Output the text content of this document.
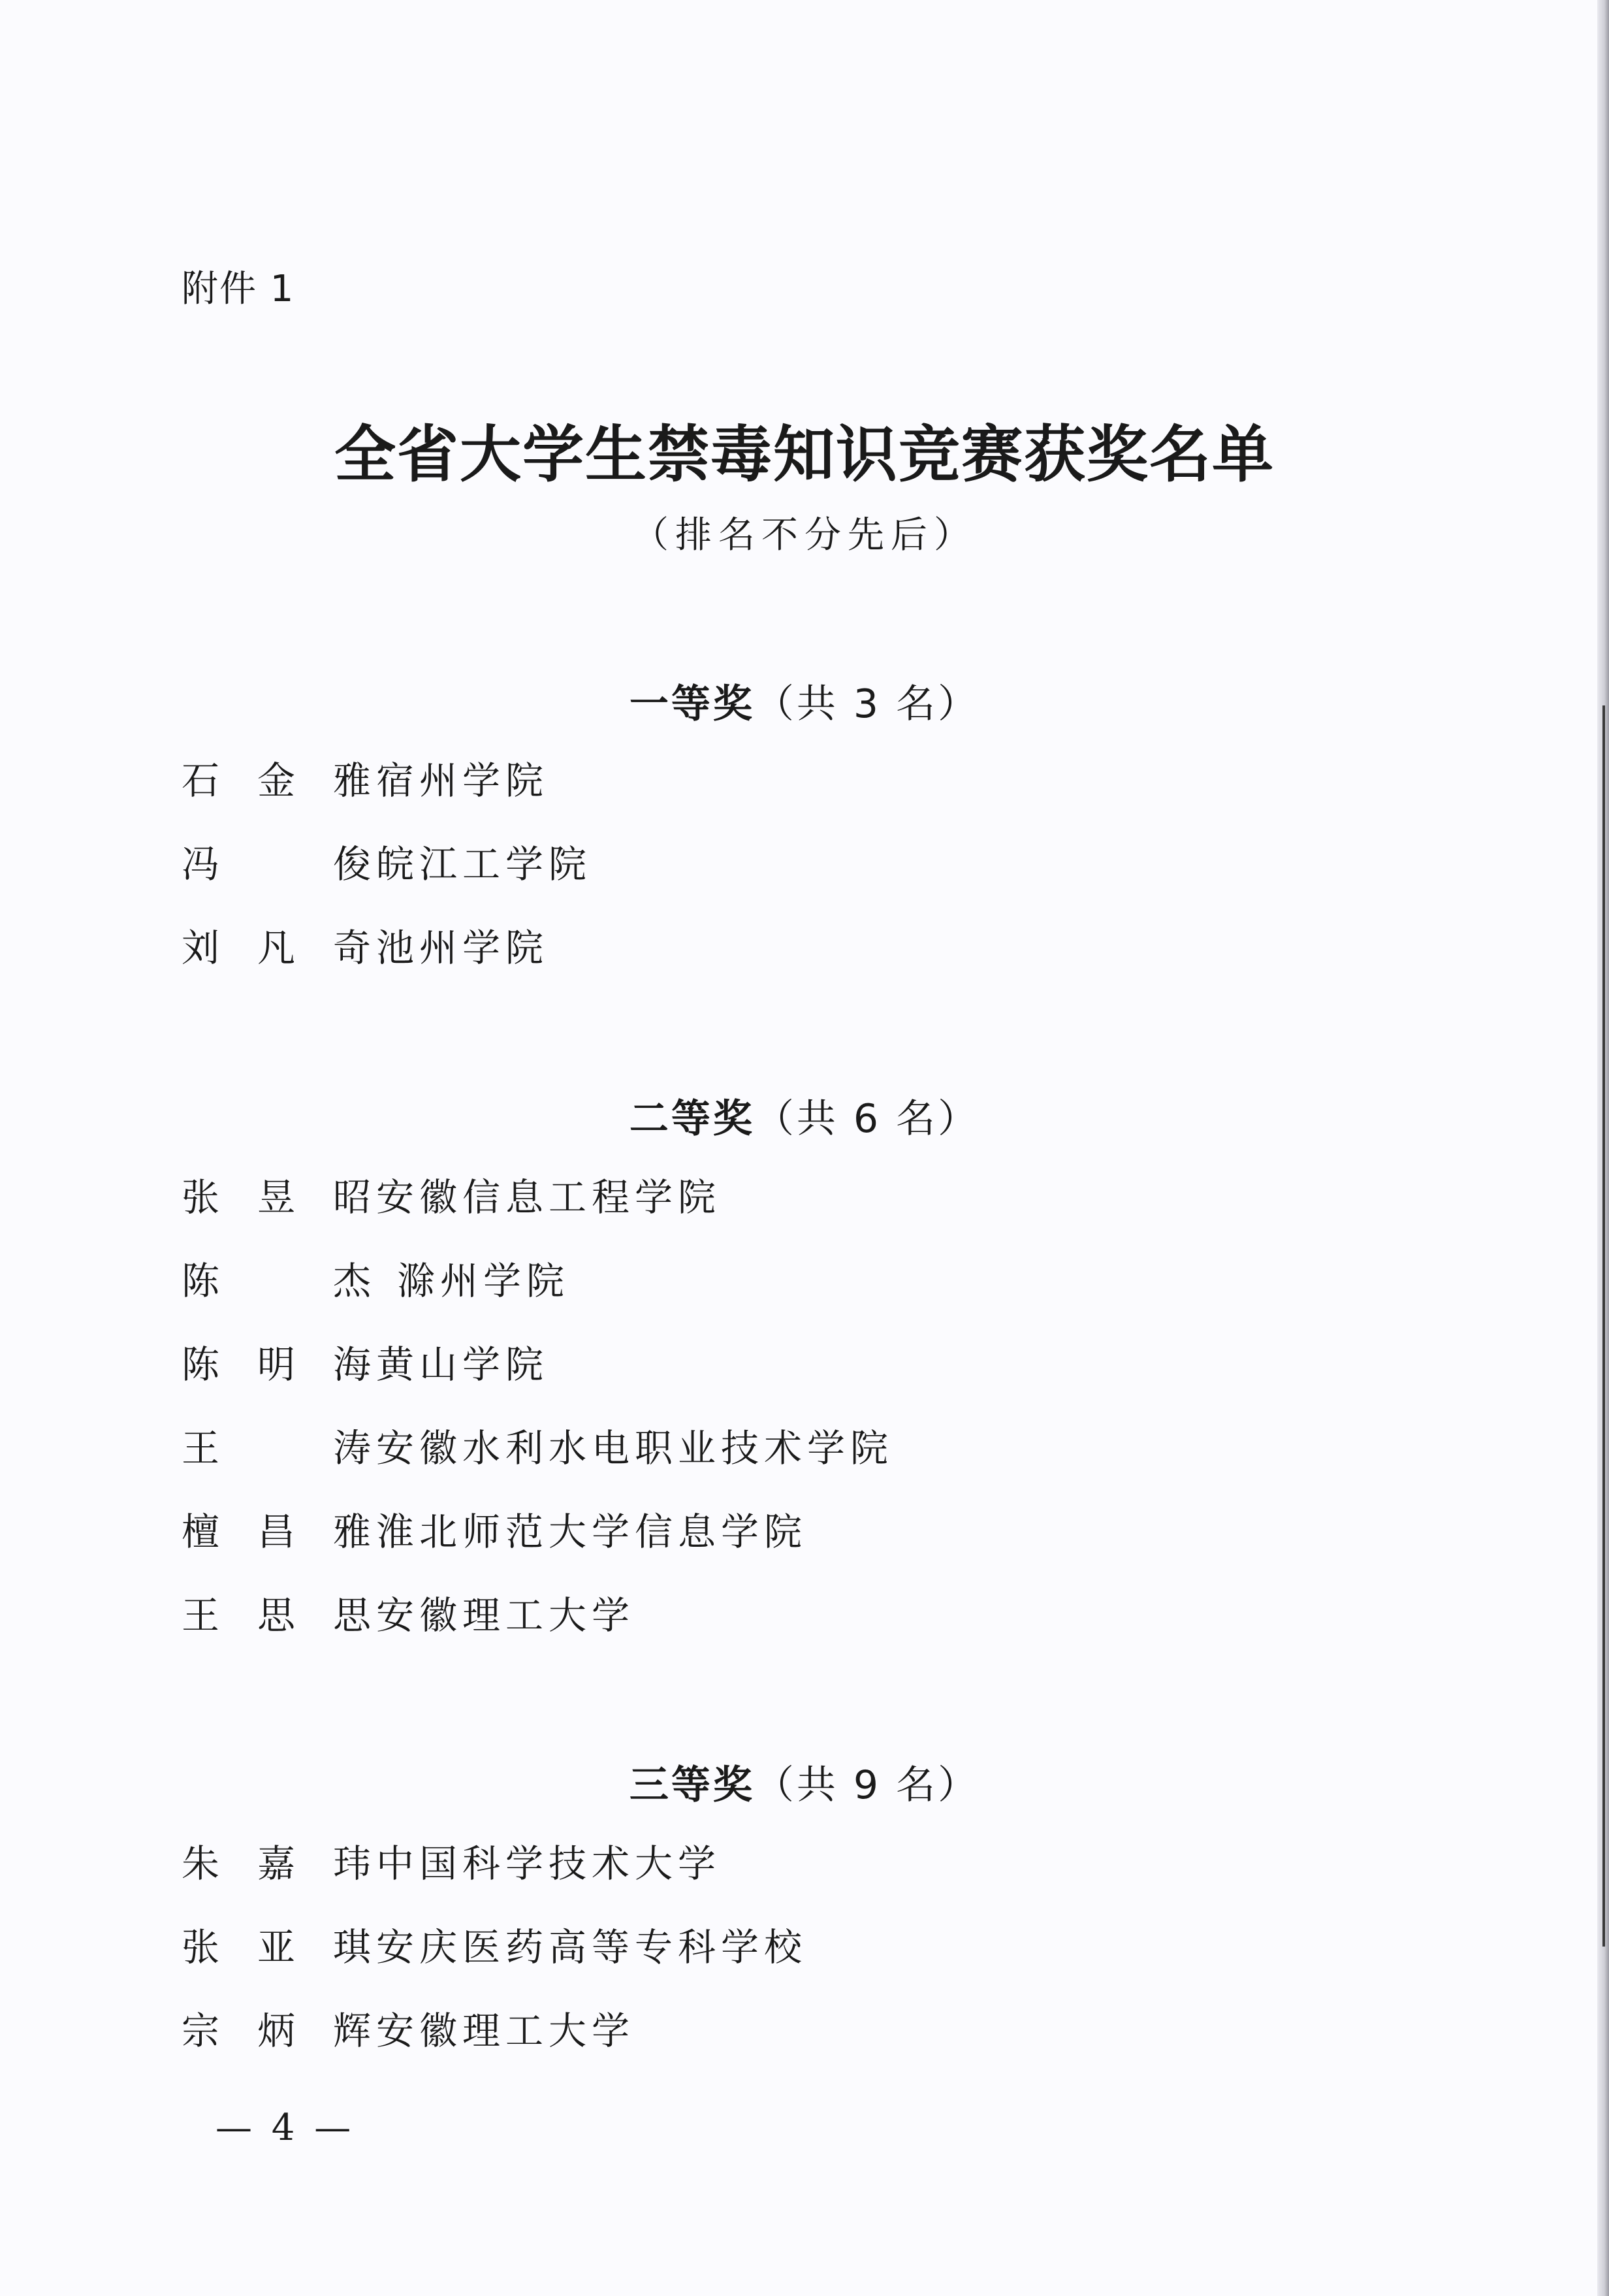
附件 1
全省大学生禁毒知识竞赛获奖名单
（排名不分先后）
一等奖（共 3 名）
石金雅宿州学院
冯 俊皖江工学院
刘凡奇池州学院
二等奖（共 6 名）
张昱昭安徽信息工程学院
陈 杰 滁州学院
陈明海黄山学院
王 涛安徽水利水电职业技术学院
檀昌雅淮北师范大学信息学院
王思思安徽理工大学
三等奖（共 9 名）
朱嘉玮中国科学技术大学
张亚琪安庆医药高等专科学校
宗炳辉安徽理工大学
— 4 —
